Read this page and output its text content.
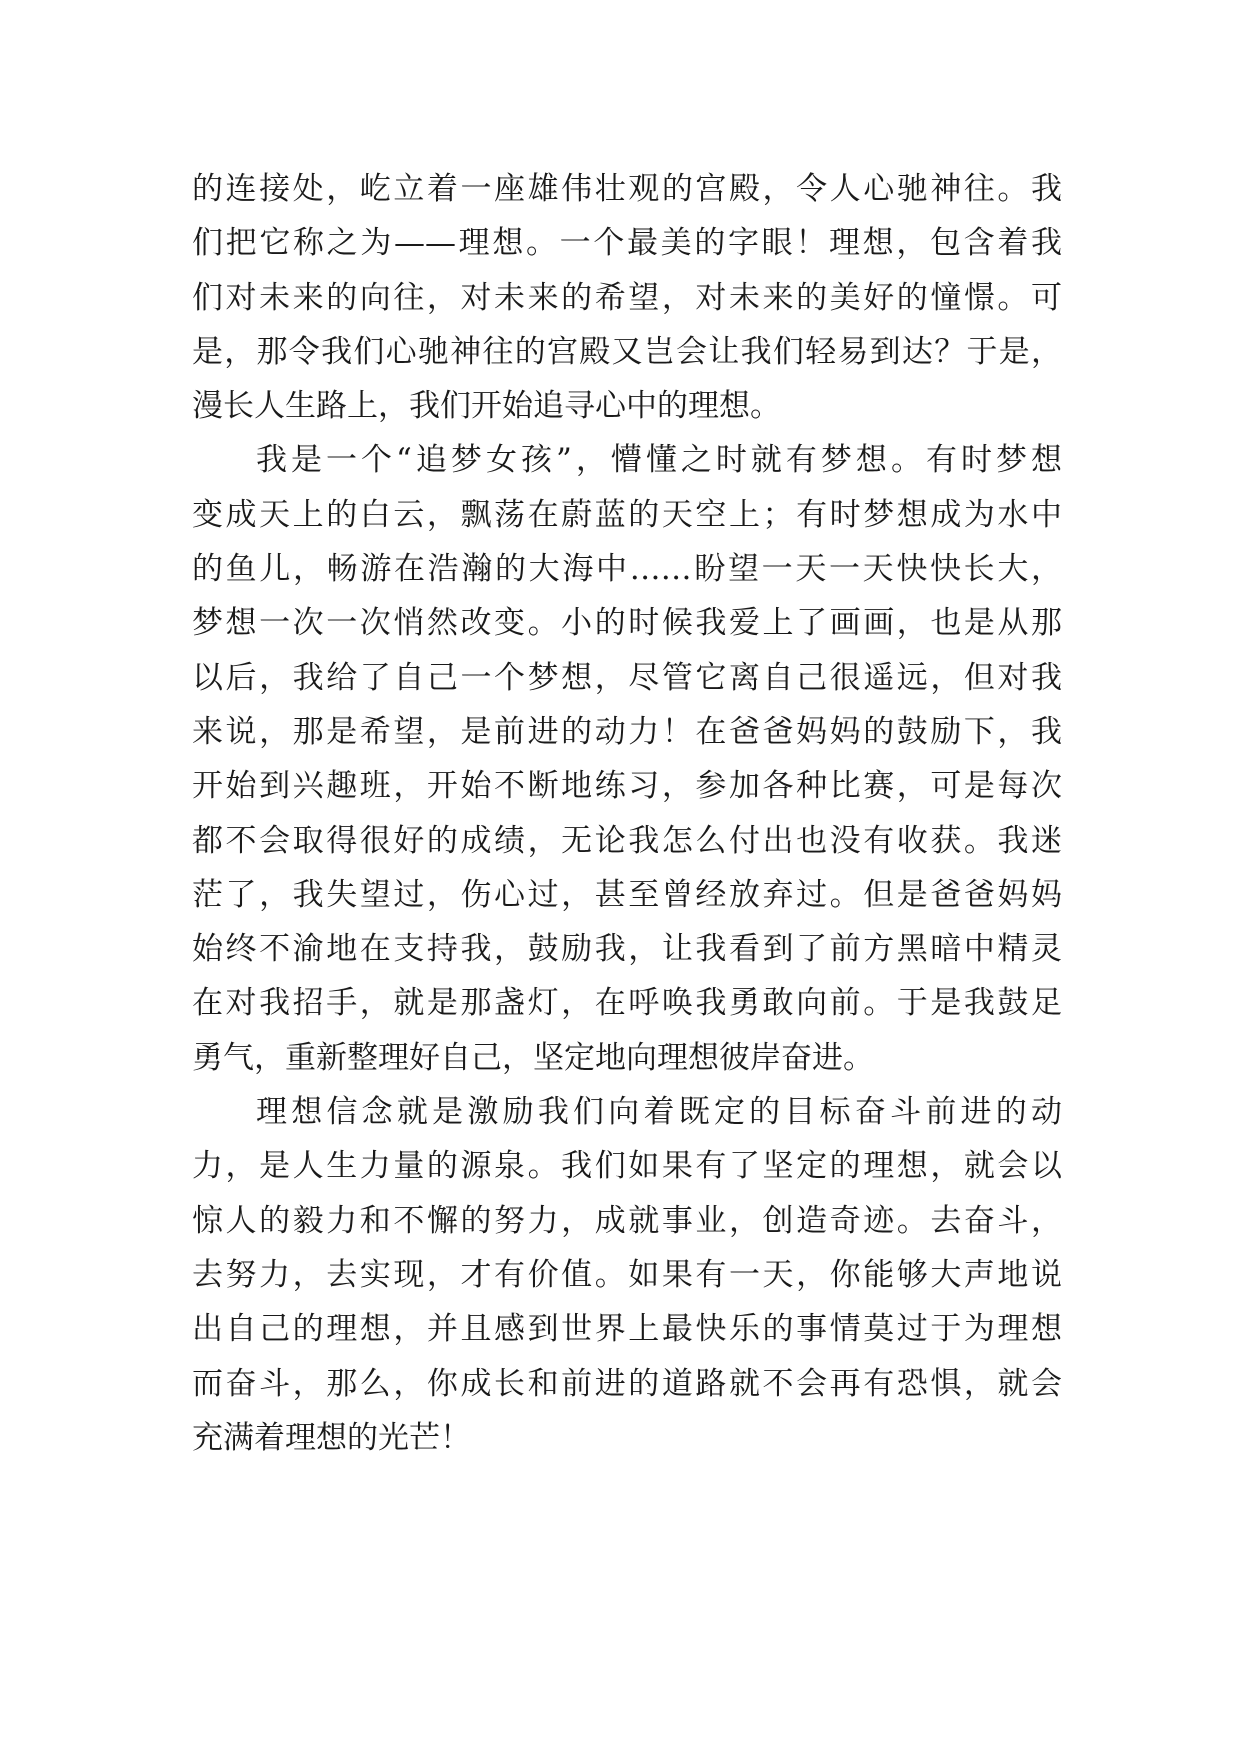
的连接处，屹立着一座雄伟壮观的宫殿，令人心驰神往。我
们把它称之为——理想。一个最美的字眼！理想，包含着我
们对未来的向往，对未来的希望，对未来的美好的憧憬。可
是，那令我们心驰神往的宫殿又岂会让我们轻易到达？于是，
漫长人生路上，我们开始追寻心中的理想。
我是一个“追梦女孩”，懵懂之时就有梦想。有时梦想
变成天上的白云，飘荡在蔚蓝的天空上；有时梦想成为水中
的鱼儿，畅游在浩瀚的大海中……盼望一天一天快快长大，
梦想一次一次悄然改变。小的时候我爱上了画画，也是从那
以后，我给了自己一个梦想，尽管它离自己很遥远，但对我
来说，那是希望，是前进的动力！在爸爸妈妈的鼓励下，我
开始到兴趣班，开始不断地练习，参加各种比赛，可是每次
都不会取得很好的成绩，无论我怎么付出也没有收获。我迷
茫了，我失望过，伤心过，甚至曾经放弃过。但是爸爸妈妈
始终不渝地在支持我，鼓励我，让我看到了前方黑暗中精灵
在对我招手，就是那盏灯，在呼唤我勇敢向前。于是我鼓足
勇气，重新整理好自己，坚定地向理想彼岸奋进。
理想信念就是激励我们向着既定的目标奋斗前进的动
力，是人生力量的源泉。我们如果有了坚定的理想，就会以
惊人的毅力和不懈的努力，成就事业，创造奇迹。去奋斗，
去努力，去实现，才有价值。如果有一天，你能够大声地说
出自己的理想，并且感到世界上最快乐的事情莫过于为理想
而奋斗，那么，你成长和前进的道路就不会再有恐惧，就会
充满着理想的光芒！
